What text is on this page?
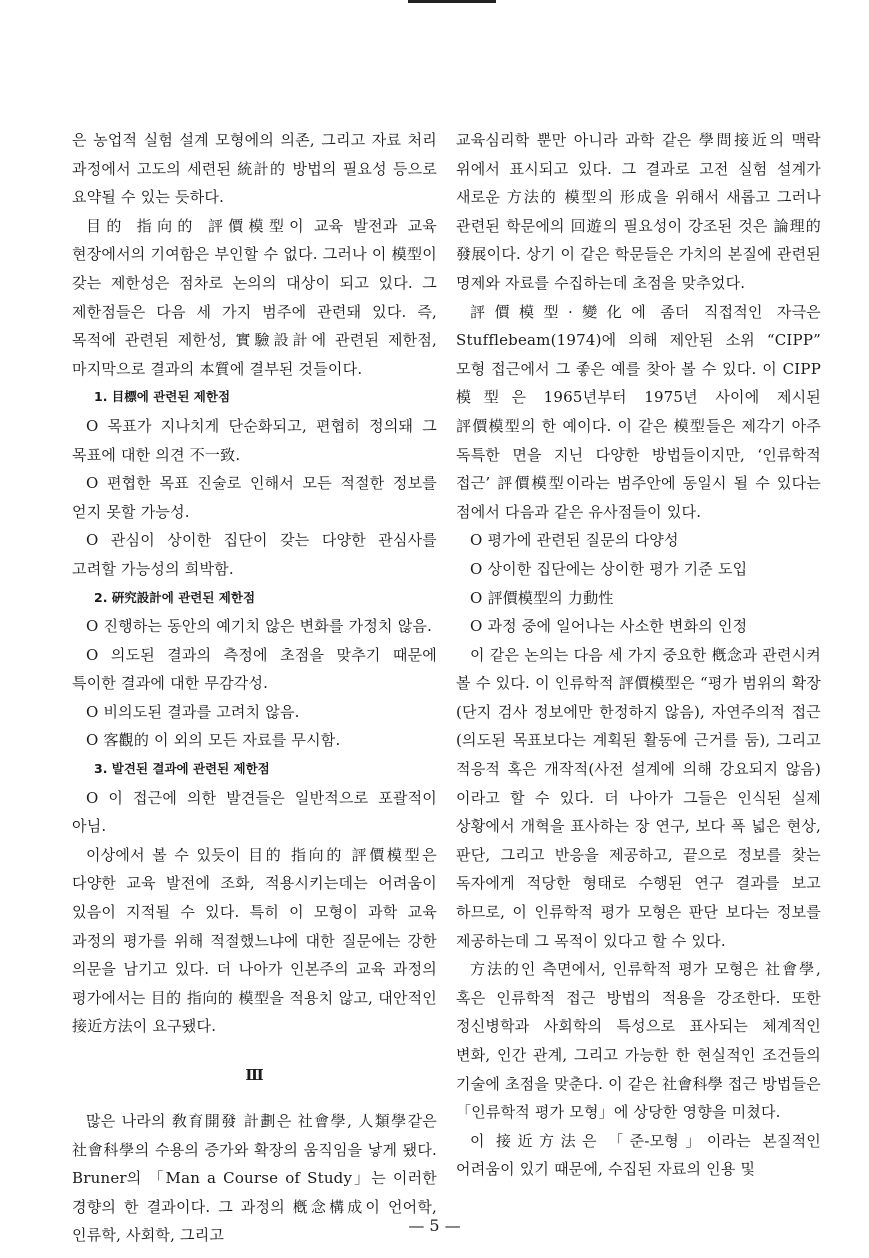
은 농업적 실험 설계 모형에의 의존, 그리고 자료 처리 과정에서 고도의 세련된 統計的 방법의 필요성 등으로 요약될 수 있는 듯하다.

目的 指向的 評價模型이 교육 발전과 교육 현장에서의 기여함은 부인할 수 없다. 그러나 이 模型이 갖는 제한성은 점차로 논의의 대상이 되고 있다. 그 제한점들은 다음 세 가지 범주에 관련돼 있다. 즉, 목적에 관련된 제한성, 實驗設計에 관련된 제한점, 마지막으로 결과의 本質에 결부된 것들이다.

1. 目標에 관련된 제한점

O 목표가 지나치게 단순화되고, 편협히 정의돼 그 목표에 대한 의견 不一致.

O 편협한 목표 진술로 인해서 모든 적절한 정보를 얻지 못할 가능성.

O 관심이 상이한 집단이 갖는 다양한 관심사를 고려할 가능성의 희박함.

2. 硏究設計에 관련된 제한점

O 진행하는 동안의 예기치 않은 변화를 가정치 않음.

O 의도된 결과의 측정에 초점을 맞추기 때문에 특이한 결과에 대한 무감각성.

O 비의도된 결과를 고려치 않음.

O 客觀的 이 외의 모든 자료를 무시함.

3. 발견된 결과에 관련된 제한점

O 이 접근에 의한 발견들은 일반적으로 포괄적이 아님.

이상에서 볼 수 있듯이 目的 指向的 評價模型은 다양한 교육 발전에 조화, 적용시키는데는 어려움이 있음이 지적될 수 있다. 특히 이 모형이 과학 교육 과정의 평가를 위해 적절했느냐에 대한 질문에는 강한 의문을 남기고 있다. 더 나아가 인본주의 교육 과정의 평가에서는 目的 指向的 模型을 적용치 않고, 대안적인 接近方法이 요구됐다.

Ⅲ

많은 나라의 敎育開發 計劃은 社會學, 人類學같은 社會科學의 수용의 증가와 확장의 움직임을 낳게 됐다. Bruner의 「Man a Course of Study」는 이러한 경향의 한 결과이다. 그 과정의 槪念構成이 언어학, 인류학, 사회학, 그리고

교육심리학 뿐만 아니라 과학 같은 學問接近의 맥락 위에서 표시되고 있다. 그 결과로 고전 실험 설계가 새로운 方法的 模型의 形成을 위해서 새롭고 그러나 관련된 학문에의 回遊의 필요성이 강조된 것은 論理的 發展이다. 상기 이 같은 학문들은 가치의 본질에 관련된 명제와 자료를 수집하는데 초점을 맞추었다.

評價模型·變化에 좀더 직접적인 자극은 Stufflebeam(1974)에 의해 제안된 소위 “CIPP” 모형 접근에서 그 좋은 예를 찾아 볼 수 있다. 이 CIPP 模型은 1965년부터 1975년 사이에 제시된 評價模型의 한 예이다. 이 같은 模型들은 제각기 아주 독특한 면을 지닌 다양한 방법들이지만, ‘인류학적 접근’ 評價模型이라는 범주안에 동일시 될 수 있다는 점에서 다음과 같은 유사점들이 있다.

O 평가에 관련된 질문의 다양성

O 상이한 집단에는 상이한 평가 기준 도입

O 評價模型의 力動性

O 과정 중에 일어나는 사소한 변화의 인정

이 같은 논의는 다음 세 가지 중요한 槪念과 관련시켜 볼 수 있다. 이 인류학적 評價模型은 “평가 범위의 확장(단지 검사 정보에만 한정하지 않음), 자연주의적 접근(의도된 목표보다는 계획된 활동에 근거를 둠), 그리고 적응적 혹은 개작적(사전 설계에 의해 강요되지 않음)이라고 할 수 있다. 더 나아가 그들은 인식된 실제 상황에서 개혁을 표사하는 장 연구, 보다 폭 넓은 현상, 판단, 그리고 반응을 제공하고, 끝으로 정보를 찾는 독자에게 적당한 형태로 수행된 연구 결과를 보고 하므로, 이 인류학적 평가 모형은 판단 보다는 정보를 제공하는데 그 목적이 있다고 할 수 있다.

方法的인 측면에서, 인류학적 평가 모형은 社會學, 혹은 인류학적 접근 방법의 적용을 강조한다. 또한 정신병학과 사회학의 특성으로 표사되는 체계적인 변화, 인간 관계, 그리고 가능한 한 현실적인 조건들의 기술에 초점을 맞춘다. 이 같은 社會科學 접근 방법들은 「인류학적 평가 모형」에 상당한 영향을 미쳤다.

이 接近方法은 「준-모형」이라는 본질적인 어려움이 있기 때문에, 수집된 자료의 인용 및

— 5 —
